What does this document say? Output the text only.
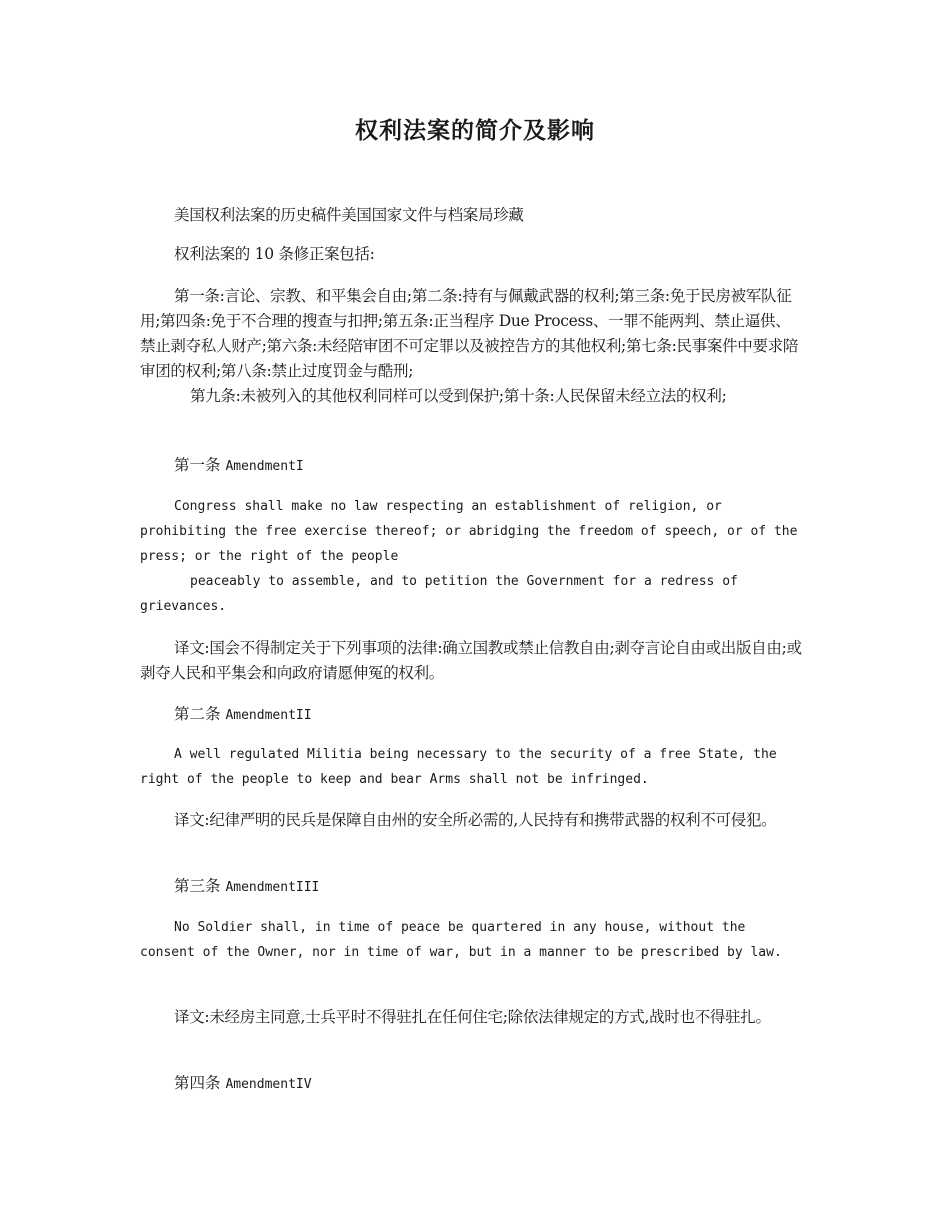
权利法案的简介及影响
美国权利法案的历史稿件美国国家文件与档案局珍藏
权利法案的 10 条修正案包括:
第一条:言论、宗教、和平集会自由;第二条:持有与佩戴武器的权利;第三条:免于民房被军队征用;第四条:免于不合理的搜查与扣押;第五条:正当程序 Due Process、一罪不能两判、禁止逼供、禁止剥夺私人财产;第六条:未经陪审团不可定罪以及被控告方的其他权利;第七条:民事案件中要求陪审团的权利;第八条:禁止过度罚金与酷刑;
第九条:未被列入的其他权利同样可以受到保护;第十条:人民保留未经立法的权利;
第一条 AmendmentI
Congress shall make no law respecting an establishment of religion, or prohibiting the free exercise thereof; or abridging the freedom of speech, or of the press; or the right of the people
peaceably to assemble, and to petition the Government for a redress of grievances.
译文:国会不得制定关于下列事项的法律:确立国教或禁止信教自由;剥夺言论自由或出版自由;或剥夺人民和平集会和向政府请愿伸冤的权利。
第二条 AmendmentII
A well regulated Militia being necessary to the security of a free State, the right of the people to keep and bear Arms shall not be infringed.
译文:纪律严明的民兵是保障自由州的安全所必需的,人民持有和携带武器的权利不可侵犯。
第三条 AmendmentIII
No Soldier shall, in time of peace be quartered in any house, without the consent of the Owner, nor in time of war, but in a manner to be prescribed by law.
译文:未经房主同意,士兵平时不得驻扎在任何住宅;除依法律规定的方式,战时也不得驻扎。
第四条 AmendmentIV
